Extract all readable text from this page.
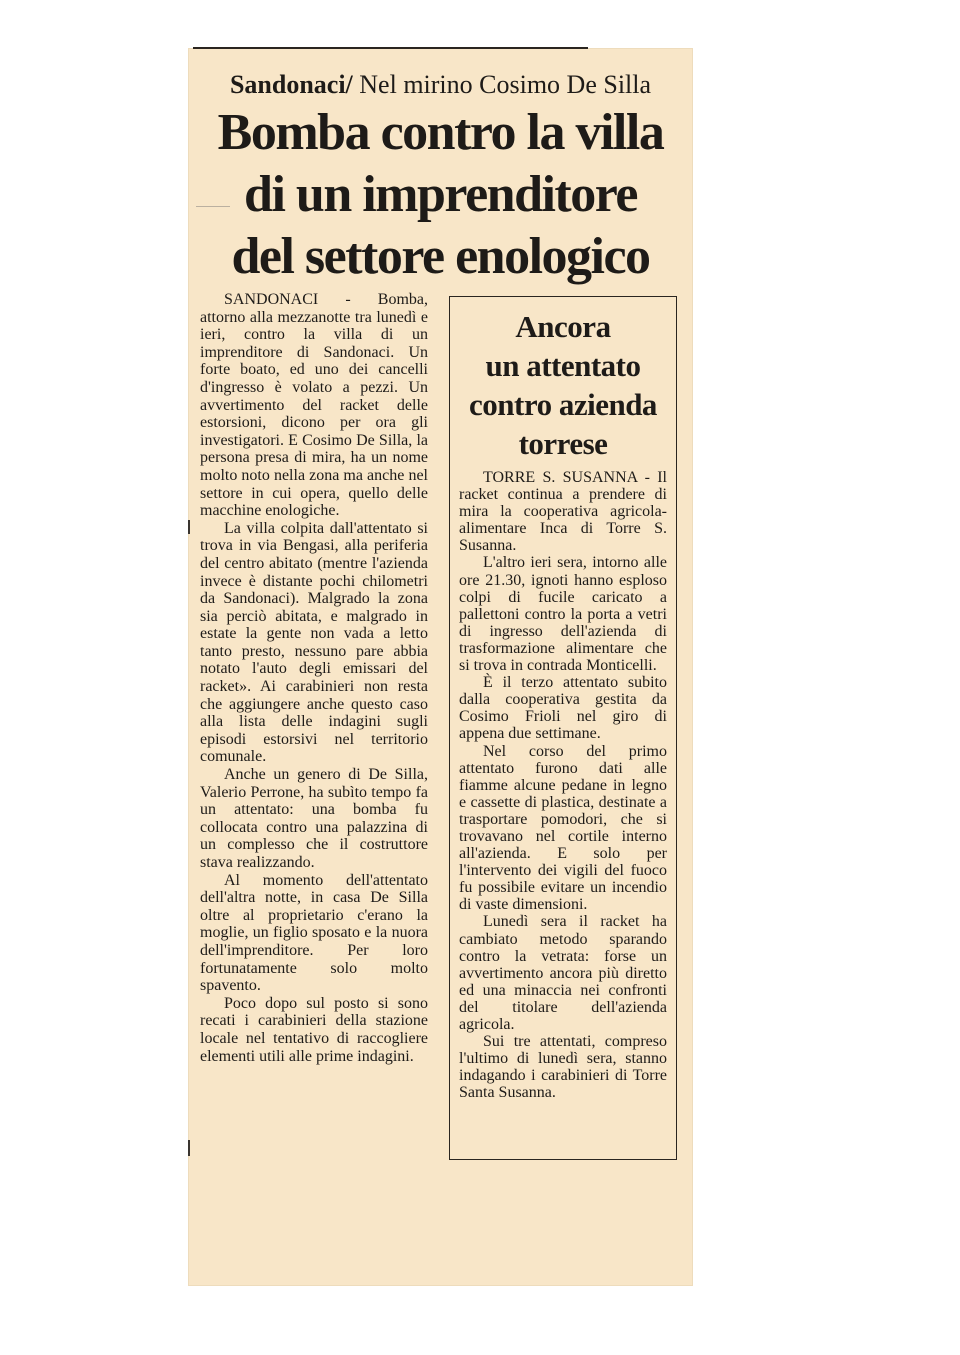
Sandonaci/ Nel mirino Cosimo De Silla
Bomba contro la villa
di un imprenditore
del settore enologico

SANDONACI - Bomba, attorno alla mezzanotte tra lunedì e ieri, contro la villa di un imprenditore di Sandonaci. Un forte boato, ed uno dei cancelli d'ingresso è volato a pezzi. Un avvertimento del racket delle estorsioni, dicono per ora gli investigatori. E Cosimo De Silla, la persona presa di mira, ha un nome molto noto nella zona ma anche nel settore in cui opera, quello delle macchine enologiche.

La villa colpita dall'attentato si trova in via Bengasi, alla periferia del centro abitato (mentre l'azienda invece è distante pochi chilometri da Sandonaci). Malgrado la zona sia perciò abitata, e malgrado in estate la gente non vada a letto tanto presto, nessuno pare abbia notato l'auto degli emissari del racket». Ai carabinieri non resta che aggiungere anche questo caso alla lista delle indagini sugli episodi estorsivi nel territorio comunale.

Anche un genero di De Silla, Valerio Perrone, ha subìto tempo fa un attentato: una bomba fu collocata contro una palazzina di un complesso che il costruttore stava realizzando.

Al momento dell'attentato dell'altra notte, in casa De Silla oltre al proprietario c'erano la moglie, un figlio sposato e la nuora dell'imprenditore. Per loro fortunatamente solo molto spavento.

Poco dopo sul posto si sono recati i carabinieri della stazione locale nel tentativo di raccogliere elementi utili alle prime indagini.

Ancora
un attentato
contro azienda
torrese

TORRE S. SUSANNA - Il racket continua a prendere di mira la cooperativa agricola-alimentare Inca di Torre S. Susanna.

L'altro ieri sera, intorno alle ore 21.30, ignoti hanno esploso colpi di fucile caricato a pallettoni contro la porta a vetri di ingresso dell'azienda di trasformazione alimentare che si trova in contrada Monticelli.

È il terzo attentato subito dalla cooperativa gestita da Cosimo Frioli nel giro di appena due settimane.

Nel corso del primo attentato furono dati alle fiamme alcune pedane in legno e cassette di plastica, destinate a trasportare pomodori, che si trovavano nel cortile interno all'azienda. E solo per l'intervento dei vigili del fuoco fu possibile evitare un incendio di vaste dimensioni.

Lunedì sera il racket ha cambiato metodo sparando contro la vetrata: forse un avvertimento ancora più diretto ed una minaccia nei confronti del titolare dell'azienda agricola.

Sui tre attentati, compreso l'ultimo di lunedì sera, stanno indagando i carabinieri di Torre Santa Susanna.
